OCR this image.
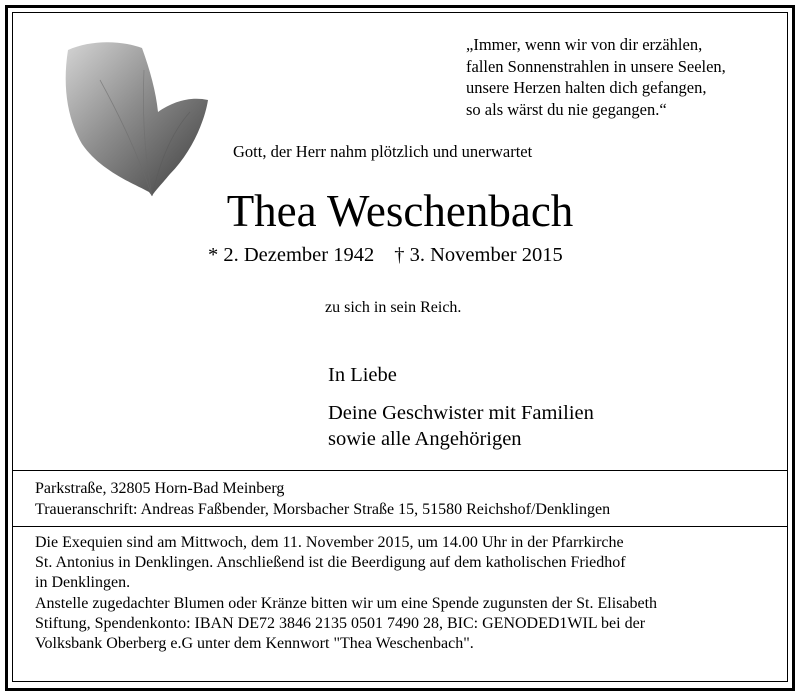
„Immer, wenn wir von dir erzählen,
fallen Sonnenstrahlen in unsere Seelen,
unsere Herzen halten dich gefangen,
so als wärst du nie gegangen.“
Gott, der Herr nahm plötzlich und unerwartet
Thea Weschenbach
* 2. Dezember 1942 † 3. November 2015
zu sich in sein Reich.
In Liebe
Deine Geschwister mit Familien
sowie alle Angehörigen
Parkstraße, 32805 Horn-Bad Meinberg
Traueranschrift: Andreas Faßbender, Morsbacher Straße 15, 51580 Reichshof/Denklingen
Die Exequien sind am Mittwoch, dem 11. November 2015, um 14.00 Uhr in der Pfarrkirche
St. Antonius in Denklingen. Anschließend ist die Beerdigung auf dem katholischen Friedhof
in Denklingen.
Anstelle zugedachter Blumen oder Kränze bitten wir um eine Spende zugunsten der St. Elisabeth
Stiftung, Spendenkonto: IBAN DE72 3846 2135 0501 7490 28, BIC: GENODED1WIL bei der
Volksbank Oberberg e.G unter dem Kennwort "Thea Weschenbach".
